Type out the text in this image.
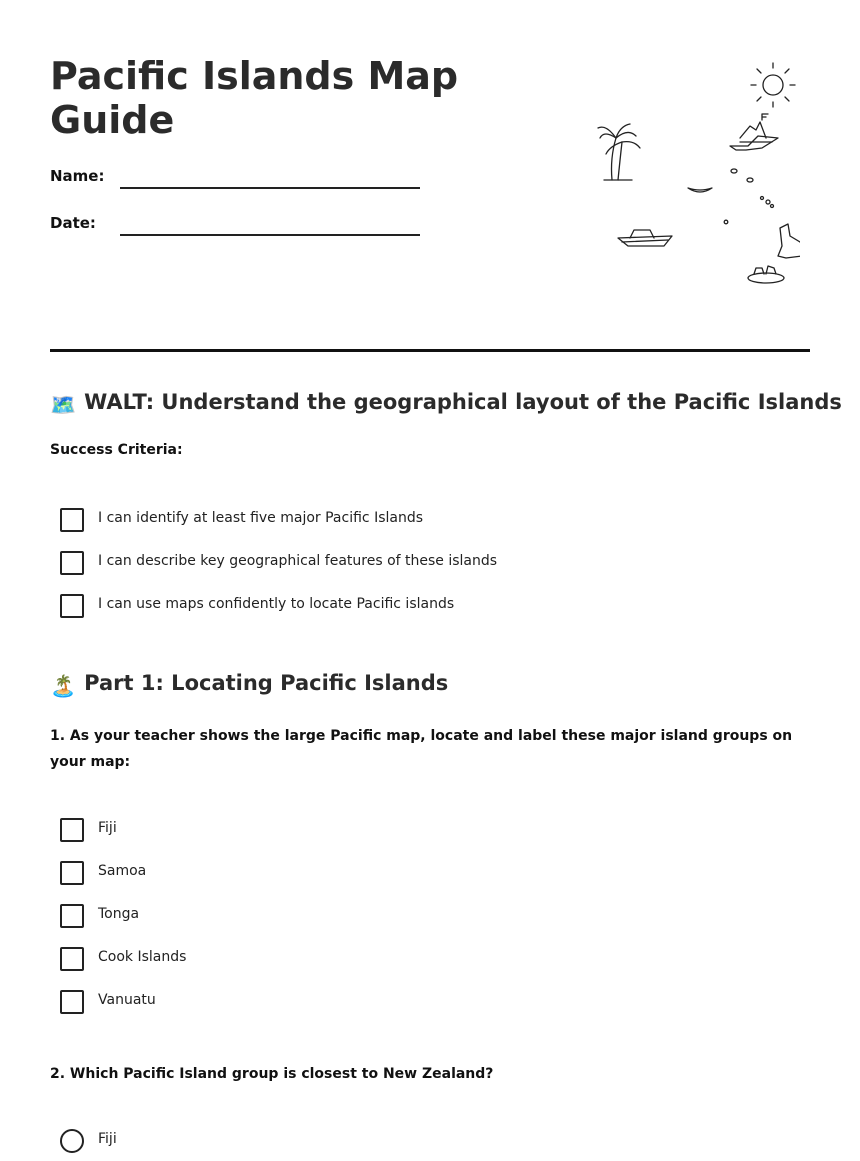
Pacific Islands Map Guide
Name:
Date:
🗺️ WALT: Understand the geographical layout of the Pacific Islands
Success Criteria:
I can identify at least five major Pacific Islands
I can describe key geographical features of these islands
I can use maps confidently to locate Pacific islands
🏝️ Part 1: Locating Pacific Islands
1. As your teacher shows the large Pacific map, locate and label these major island groups on your map:
Fiji
Samoa
Tonga
Cook Islands
Vanuatu
2. Which Pacific Island group is closest to New Zealand?
Fiji
